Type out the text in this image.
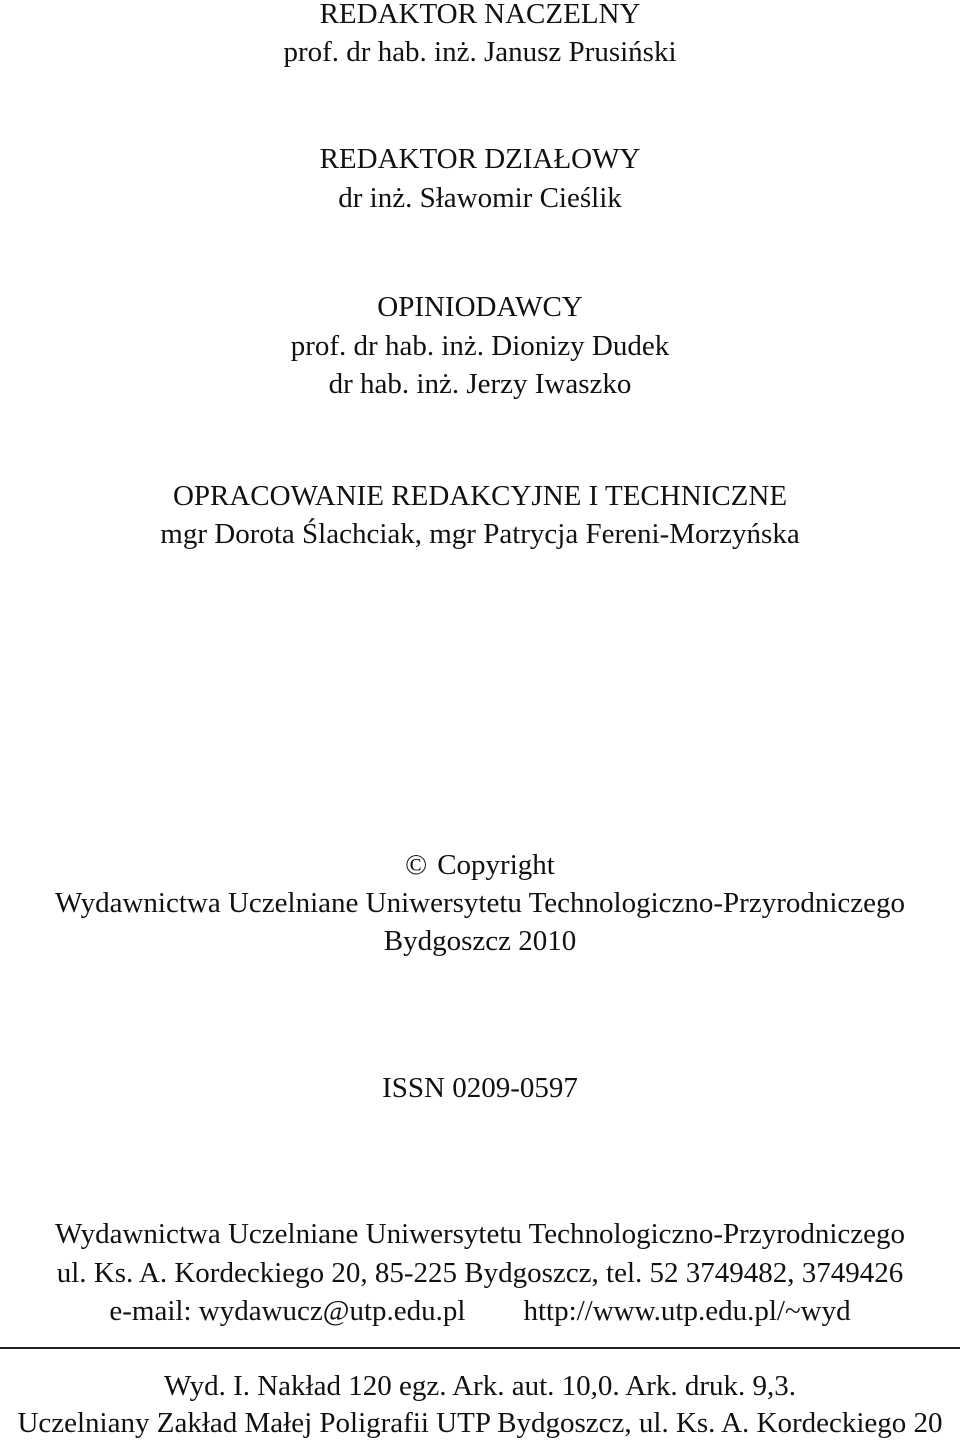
REDAKTOR NACZELNY
prof. dr hab. inż. Janusz Prusiński
REDAKTOR DZIAŁOWY
dr inż. Sławomir Cieślik
OPINIODAWCY
prof. dr hab. inż. Dionizy Dudek
dr hab. inż. Jerzy Iwaszko
OPRACOWANIE REDAKCYJNE I TECHNICZNE
mgr Dorota Ślachciak, mgr Patrycja Fereni-Morzyńska
© Copyright
Wydawnictwa Uczelniane Uniwersytetu Technologiczno-Przyrodniczego
Bydgoszcz 2010
ISSN 0209-0597
Wydawnictwa Uczelniane Uniwersytetu Technologiczno-Przyrodniczego
ul. Ks. A. Kordeckiego 20, 85-225 Bydgoszcz, tel. 52 3749482, 3749426
e-mail: wydawucz@utp.edu.pl http://www.utp.edu.pl/~wyd
Wyd. I. Nakład 120 egz. Ark. aut. 10,0. Ark. druk. 9,3.
Uczelniany Zakład Małej Poligrafii UTP Bydgoszcz, ul. Ks. A. Kordeckiego 20
